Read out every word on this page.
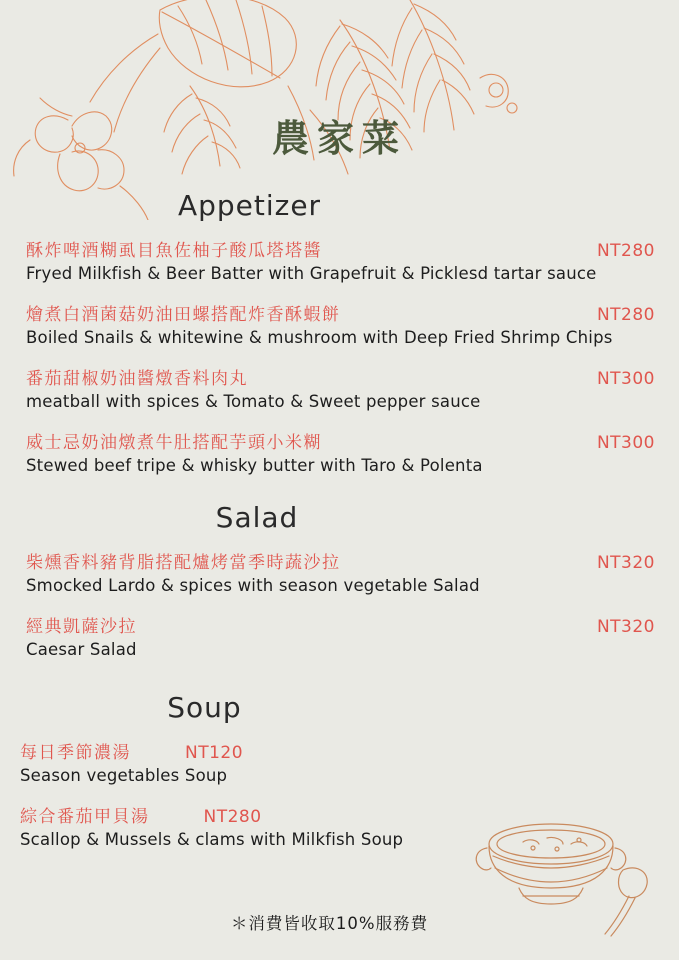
農家菜
Appetizer
酥炸啤酒糊虱目魚佐柚子酸瓜塔塔醬	NT280
Fryed Milkfish & Beer Batter with Grapefruit & Picklesd tartar sauce
燴煮白酒菌菇奶油田螺搭配炸香酥蝦餅	NT280
Boiled Snails & whitewine & mushroom with Deep Fried Shrimp Chips
番茄甜椒奶油醬燉香料肉丸	NT300
meatball with spices & Tomato & Sweet pepper sauce
威士忌奶油燉煮牛肚搭配芋頭小米糊	NT300
Stewed beef tripe & whisky butter with Taro & Polenta
Salad
柴燻香料豬背脂搭配爐烤當季時蔬沙拉	NT320
Smocked Lardo & spices with season vegetable Salad
經典凱薩沙拉	NT320
Caesar Salad
Soup
每日季節濃湯	NT120
Season vegetables Soup
綜合番茄甲貝湯	NT280
Scallop & Mussels & clams with Milkfish Soup
＊消費皆收取10%服務費
